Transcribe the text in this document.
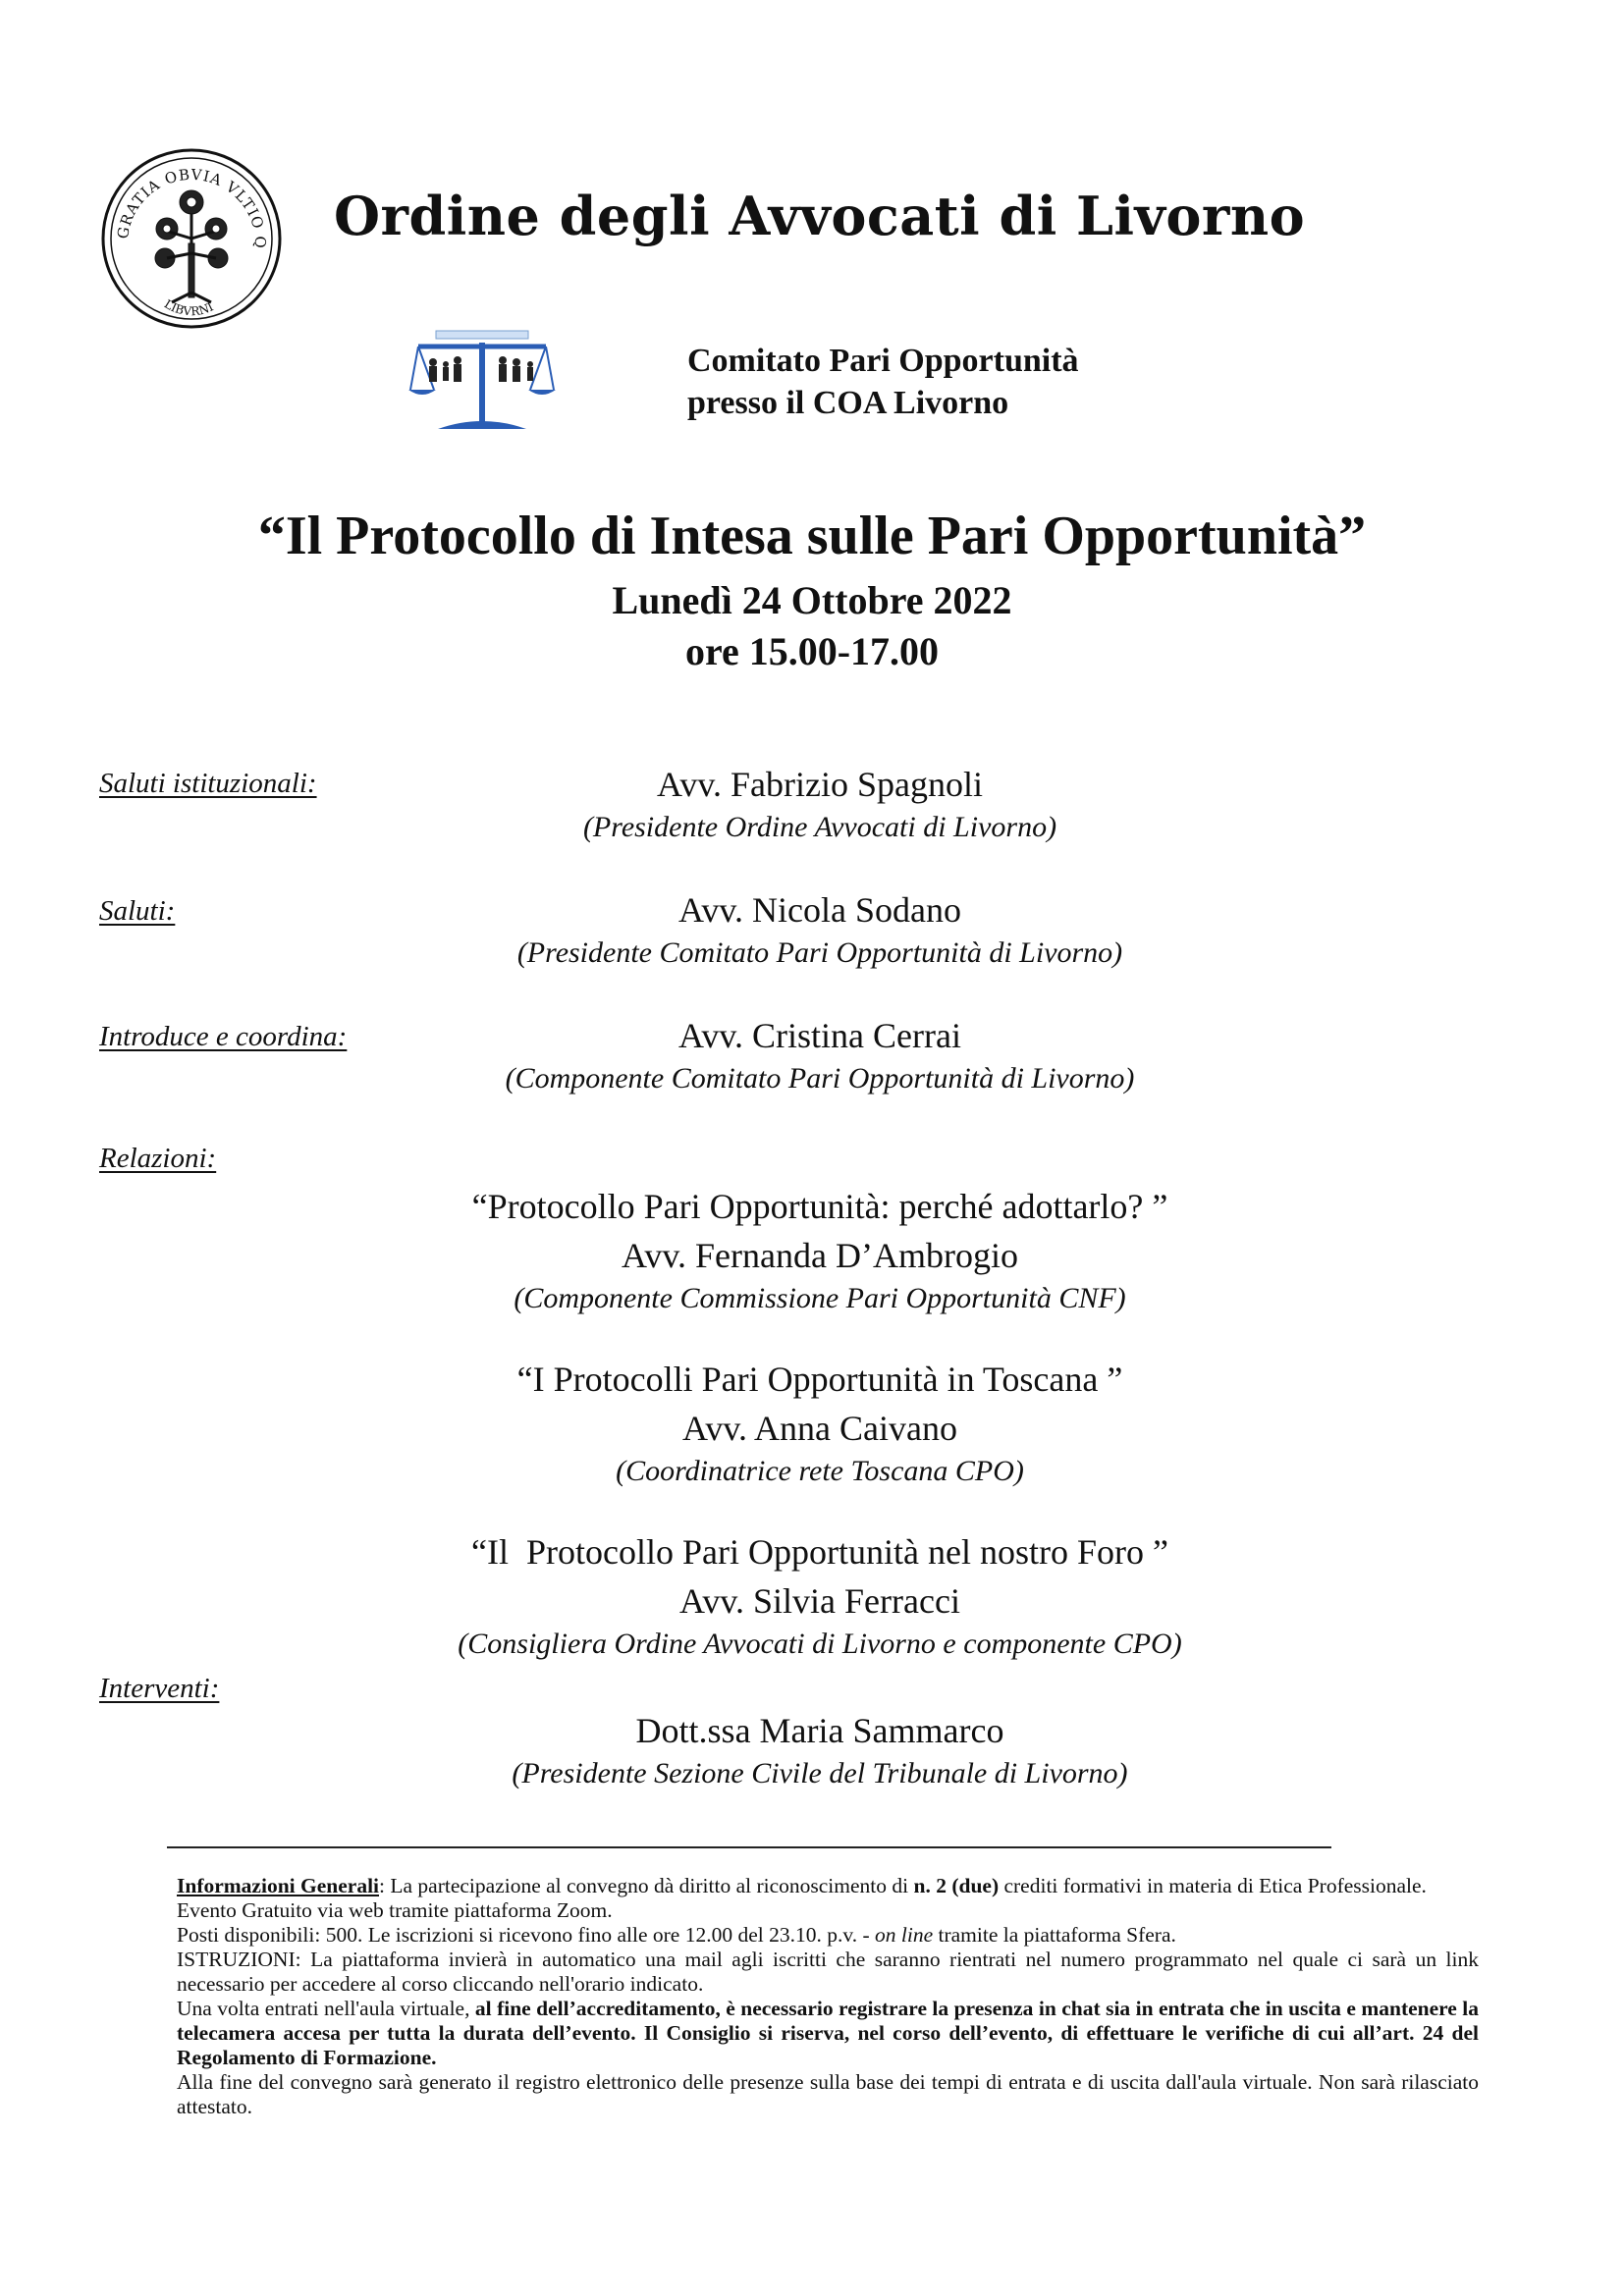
GRATIA OBVIA VLTIO Q
LIBVRNI
Ordine degli Avvocati di Livorno
Comitato Pari Opportunità
presso il COA Livorno
“Il Protocollo di Intesa sulle Pari Opportunità”
Lunedì 24 Ottobre 2022
ore 15.00-17.00
Saluti istituzionali:	Avv. Fabrizio Spagnoli
(Presidente Ordine Avvocati di Livorno)
Saluti:	Avv. Nicola Sodano
(Presidente Comitato Pari Opportunità di Livorno)
Introduce e coordina:	Avv. Cristina Cerrai
(Componente Comitato Pari Opportunità di Livorno)
Relazioni:
“Protocollo Pari Opportunità: perché adottarlo? ”
Avv. Fernanda D’Ambrogio
(Componente Commissione Pari Opportunità CNF)
“I Protocolli Pari Opportunità in Toscana ”
Avv. Anna Caivano
(Coordinatrice rete Toscana CPO)
“Il  Protocollo Pari Opportunità nel nostro Foro ”
Avv. Silvia Ferracci
(Consigliera Ordine Avvocati di Livorno e componente CPO)
Interventi:
Dott.ssa Maria Sammarco
(Presidente Sezione Civile del Tribunale di Livorno)

Informazioni Generali: La partecipazione al convegno dà diritto al riconoscimento di n. 2 (due) crediti formativi in materia di Etica Professionale.

Evento Gratuito via web tramite piattaforma Zoom.

Posti disponibili: 500. Le iscrizioni si ricevono fino alle ore 12.00 del 23.10. p.v. - on line tramite la piattaforma Sfera.

ISTRUZIONI: La piattaforma invierà in automatico una mail agli iscritti che saranno rientrati nel numero programmato nel quale ci sarà un link necessario per accedere al corso cliccando nell'orario indicato.

Una volta entrati nell'aula virtuale, al fine dell’accreditamento, è necessario registrare la presenza in chat sia in entrata che in uscita e mantenere la telecamera accesa per tutta la durata dell’evento. Il Consiglio si riserva, nel corso dell’evento, di effettuare le verifiche di cui all’art. 24 del Regolamento di Formazione.

Alla fine del convegno sarà generato il registro elettronico delle presenze sulla base dei tempi di entrata e di uscita dall'aula virtuale. Non sarà rilasciato attestato.
